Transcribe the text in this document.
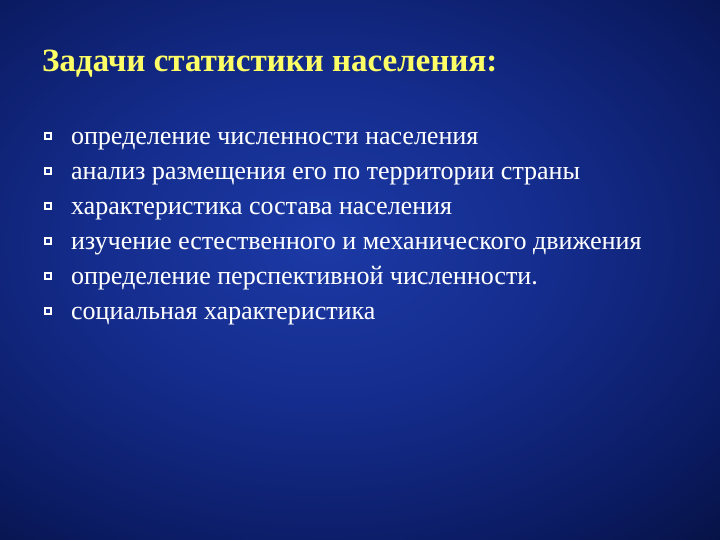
Задачи статистики населения:
определение численности населения
анализ размещения его по территории страны
характеристика состава населения
изучение естественного и механического движения
определение перспективной численности.
социальная характеристика
